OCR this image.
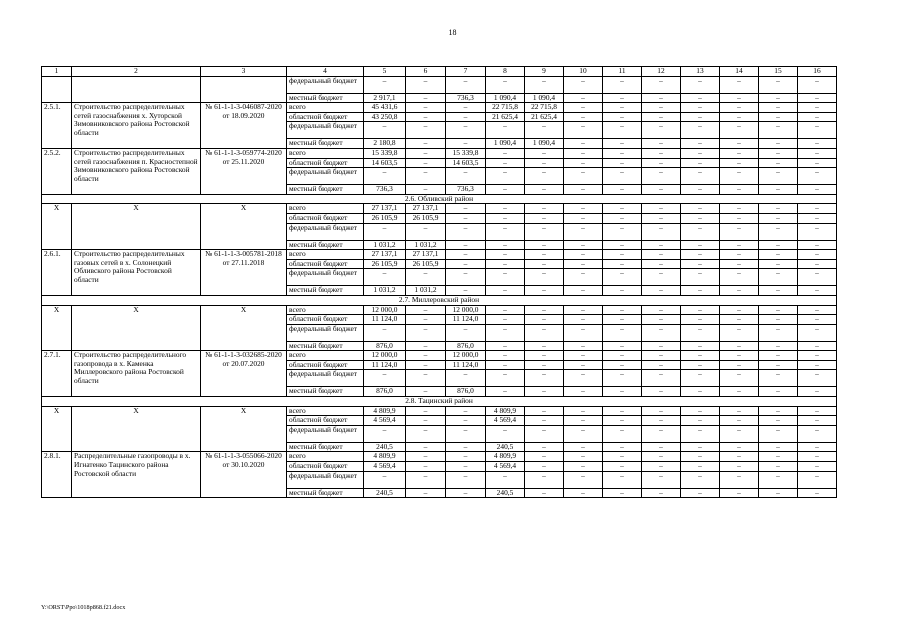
18
1	2	3	4	5	6	7	8	9	10	11	12	13	14	15	16
			федеральный бюджет	–	–	–	–	–	–	–	–	–	–	–	–
			местный бюджет	2 917,1	–	736,3	1 090,4	1 090,4	–	–	–	–	–	–	–
2.5.1.	Строительство распределительных сетей газоснабжения х. Хуторской Зимовниковского района Ростовской области	№ 61-1-1-3-046087-2020 от 18.09.2020	всего	45 431,6	–	–	22 715,8	22 715,8	–	–	–	–	–	–	–
			областной бюджет	43 250,8	–	–	21 625,4	21 625,4	–	–	–	–	–	–	–
			федеральный бюджет	–	–	–	–	–	–	–	–	–	–	–	–
			местный бюджет	2 180,8	–	–	1 090,4	1 090,4	–	–	–	–	–	–	–
2.5.2.	Строительство распределительных сетей газоснабжения п. Красностепной Зимовниковского района Ростовской области	№ 61-1-1-3-059774-2020 от 25.11.2020	всего	15 339,8	–	15 339,8	–	–	–	–	–	–	–	–	–
			областной бюджет	14 603,5	–	14 603,5	–	–	–	–	–	–	–	–	–
			федеральный бюджет	–	–	–	–	–	–	–	–	–	–	–	–
			местный бюджет	736,3	–	736,3	–	–	–	–	–	–	–	–	–
2.6. Обливский район															
Х	Х	Х	всего	27 137,1	27 137,1	–	–	–	–	–	–	–	–	–	–
			областной бюджет	26 105,9	26 105,9	–	–	–	–	–	–	–	–	–	–
			федеральный бюджет	–	–	–	–	–	–	–	–	–	–	–	–
			местный бюджет	1 031,2	1 031,2	–	–	–	–	–	–	–	–	–	–
2.6.1.	Строительство распределительных газовых сетей в х. Солонецкий Обливского района Ростовской области	№ 61-1-1-3-005781-2018 от 27.11.2018	всего	27 137,1	27 137,1	–	–	–	–	–	–	–	–	–	–
			областной бюджет	26 105,9	26 105,9	–	–	–	–	–	–	–	–	–	–
			федеральный бюджет	–	–	–	–	–	–	–	–	–	–	–	–
			местный бюджет	1 031,2	1 031,2	–	–	–	–	–	–	–	–	–	–
2.7. Миллеровский район															
Х	Х	Х	всего	12 000,0	–	12 000,0	–	–	–	–	–	–	–	–	–
			областной бюджет	11 124,0	–	11 124,0	–	–	–	–	–	–	–	–	–
			федеральный бюджет	–	–	–	–	–	–	–	–	–	–	–	–
			местный бюджет	876,0	–	876,0	–	–	–	–	–	–	–	–	–
2.7.1.	Строительство распределительного газопровода в х. Каменка Миллеровского района Ростовской области	№ 61-1-1-3-032685-2020 от 20.07.2020	всего	12 000,0	–	12 000,0	–	–	–	–	–	–	–	–	–
			областной бюджет	11 124,0	–	11 124,0	–	–	–	–	–	–	–	–	–
			федеральный бюджет	–	–	–	–	–	–	–	–	–	–	–	–
			местный бюджет	876,0	–	876,0	–	–	–	–	–	–	–	–	–
2.8. Тацинский район															
Х	Х	Х	всего	4 809,9	–	–	4 809,9	–	–	–	–	–	–	–	–
			областной бюджет	4 569,4	–	–	4 569,4	–	–	–	–	–	–	–	–
			федеральный бюджет	–	–	–	–	–	–	–	–	–	–	–	–
			местный бюджет	240,5	–	–	240,5	–	–	–	–	–	–	–	–
2.8.1.	Распределительные газопроводы в х. Игнатенко Тацинского района Ростовской области	№ 61-1-1-3-055066-2020 от 30.10.2020	всего	4 809,9	–	–	4 809,9	–	–	–	–	–	–	–	–
			областной бюджет	4 569,4	–	–	4 569,4	–	–	–	–	–	–	–	–
			федеральный бюджет	–	–	–	–	–	–	–	–	–	–	–	–
			местный бюджет	240,5	–	–	240,5	–	–	–	–	–	–	–	–
Y:\ORST\Ppo\1018p868.f21.docx
